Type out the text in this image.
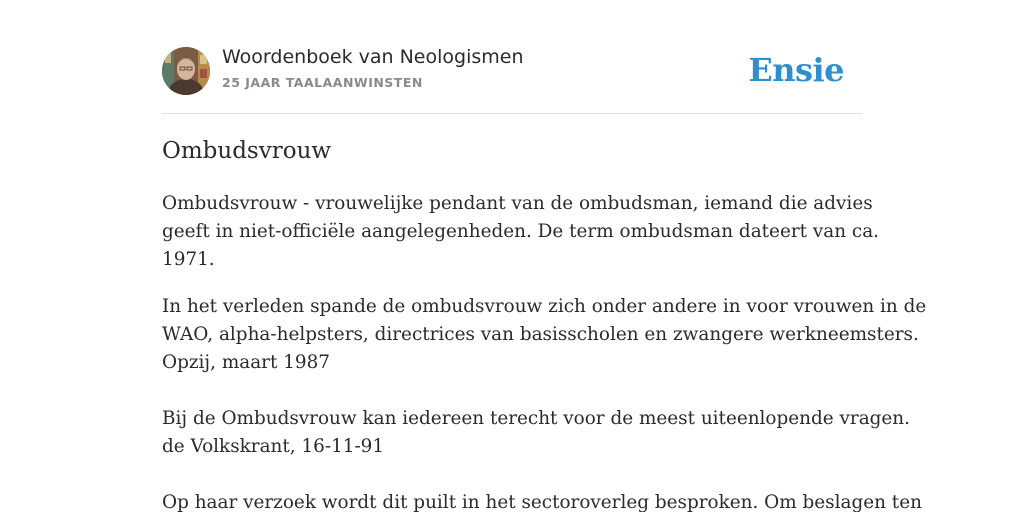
Woordenboek van Neologismen
25 JAAR TAALAANWINSTEN	Ensie
Ombudsvrouw

Ombudsvrouw - vrouwelijke pendant van de ombudsman, iemand die advies
geeft in niet-officiële aangelegenheden. De term ombudsman dateert van ca.
1971.

In het verleden spande de ombudsvrouw zich onder andere in voor vrouwen in de
WAO, alpha-helpsters, directrices van basisscholen en zwangere werkneemsters.
Opzij, maart 1987
Bij de Ombudsvrouw kan iedereen terecht voor de meest uiteenlopende vragen.
de Volkskrant, 16-11-91
Op haar verzoek wordt dit puilt in het sectoroverleg besproken. Om beslagen ten
